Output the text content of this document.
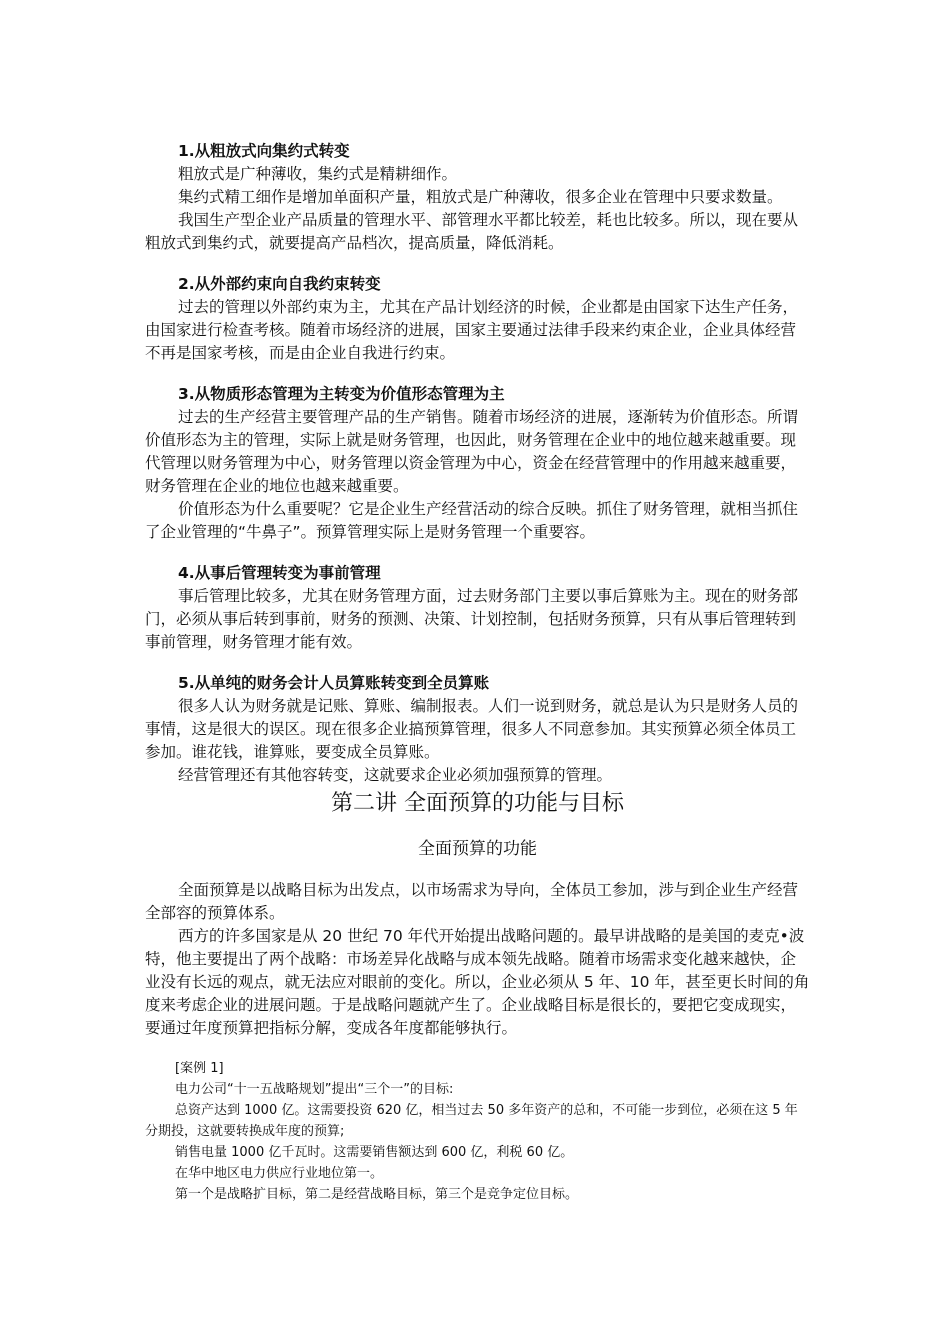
1.从粗放式向集约式转变

粗放式是广种薄收，集约式是精耕细作。

集约式精工细作是增加单面积产量，粗放式是广种薄收，很多企业在管理中只要求数量。

我国生产型企业产品质量的管理水平、部管理水平都比较差，耗也比较多。所以，现在要从粗放式到集约式，就要提高产品档次，提高质量，降低消耗。

2.从外部约束向自我约束转变

过去的管理以外部约束为主，尤其在产品计划经济的时候，企业都是由国家下达生产任务，由国家进行检查考核。随着市场经济的进展，国家主要通过法律手段来约束企业，企业具体经营不再是国家考核，而是由企业自我进行约束。

3.从物质形态管理为主转变为价值形态管理为主

过去的生产经营主要管理产品的生产销售。随着市场经济的进展，逐渐转为价值形态。所谓价值形态为主的管理，实际上就是财务管理，也因此，财务管理在企业中的地位越来越重要。现代管理以财务管理为中心，财务管理以资金管理为中心，资金在经营管理中的作用越来越重要，财务管理在企业的地位也越来越重要。

价值形态为什么重要呢？它是企业生产经营活动的综合反映。抓住了财务管理，就相当抓住了企业管理的“牛鼻子”。预算管理实际上是财务管理一个重要容。

4.从事后管理转变为事前管理

事后管理比较多，尤其在财务管理方面，过去财务部门主要以事后算账为主。现在的财务部门，必须从事后转到事前，财务的预测、决策、计划控制，包括财务预算，只有从事后管理转到事前管理，财务管理才能有效。

5.从单纯的财务会计人员算账转变到全员算账

很多人认为财务就是记账、算账、编制报表。人们一说到财务，就总是认为只是财务人员的事情，这是很大的误区。现在很多企业搞预算管理，很多人不同意参加。其实预算必须全体员工参加。谁花钱，谁算账，要变成全员算账。

经营管理还有其他容转变，这就要求企业必须加强预算的管理。

第二讲 全面预算的功能与目标

全面预算的功能

全面预算是以战略目标为出发点，以市场需求为导向，全体员工参加，涉与到企业生产经营全部容的预算体系。

西方的许多国家是从 20 世纪 70 年代开始提出战略问题的。最早讲战略的是美国的麦克•波特，他主要提出了两个战略：市场差异化战略与成本领先战略。随着市场需求变化越来越快，企业没有长远的观点，就无法应对眼前的变化。所以，企业必须从 5 年、10 年，甚至更长时间的角度来考虑企业的进展问题。于是战略问题就产生了。企业战略目标是很长的，要把它变成现实，要通过年度预算把指标分解，变成各年度都能够执行。

[案例 1]

电力公司“十一五战略规划”提出“三个一”的目标:

总资产达到 1000 亿。这需要投资 620 亿，相当过去 50 多年资产的总和，不可能一步到位，必须在这 5 年分期投，这就要转换成年度的预算;

销售电量 1000 亿千瓦时。这需要销售额达到 600 亿，利税 60 亿。

在华中地区电力供应行业地位第一。

第一个是战略扩目标，第二是经营战略目标，第三个是竞争定位目标。
